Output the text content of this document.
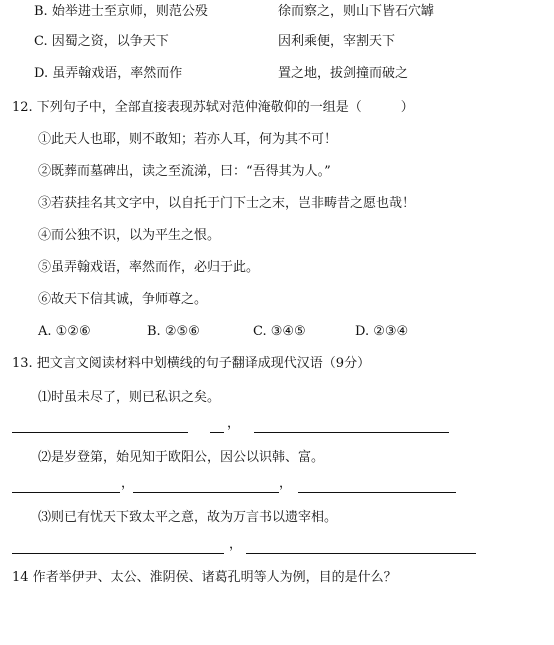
B. 始举进士至京师，则范公殁	徐而察之，则山下皆石穴罅
C. 因蜀之资，以争天下	因利乘便，宰割天下
D. 虽弄翰戏语，率然而作	置之地，拔剑撞而破之
12. 下列句子中，全部直接表现苏轼对范仲淹敬仰的一组是（　　　）
①此天人也耶，则不敢知；若亦人耳，何为其不可！
②既葬而墓碑出，读之至流涕，曰：“吾得其为人。”
③若获挂名其文字中，以自托于门下士之末，岂非畴昔之愿也哉！
④而公独不识，以为平生之恨。
⑤虽弄翰戏语，率然而作，必归于此。
⑥故天下信其诚，争师尊之。
A. ①②⑥	B. ②⑤⑥	C. ③④⑤	D. ②③④
13. 把文言文阅读材料中划横线的句子翻译成现代汉语（9分）
⑴时虽未尽了，则已私识之矣。
，
⑵是岁登第，始见知于欧阳公，因公以识韩、富。
，	，
⑶则已有忧天下致太平之意，故为万言书以遗宰相。
，
14 作者举伊尹、太公、淮阴侯、诸葛孔明等人为例，目的是什么？
